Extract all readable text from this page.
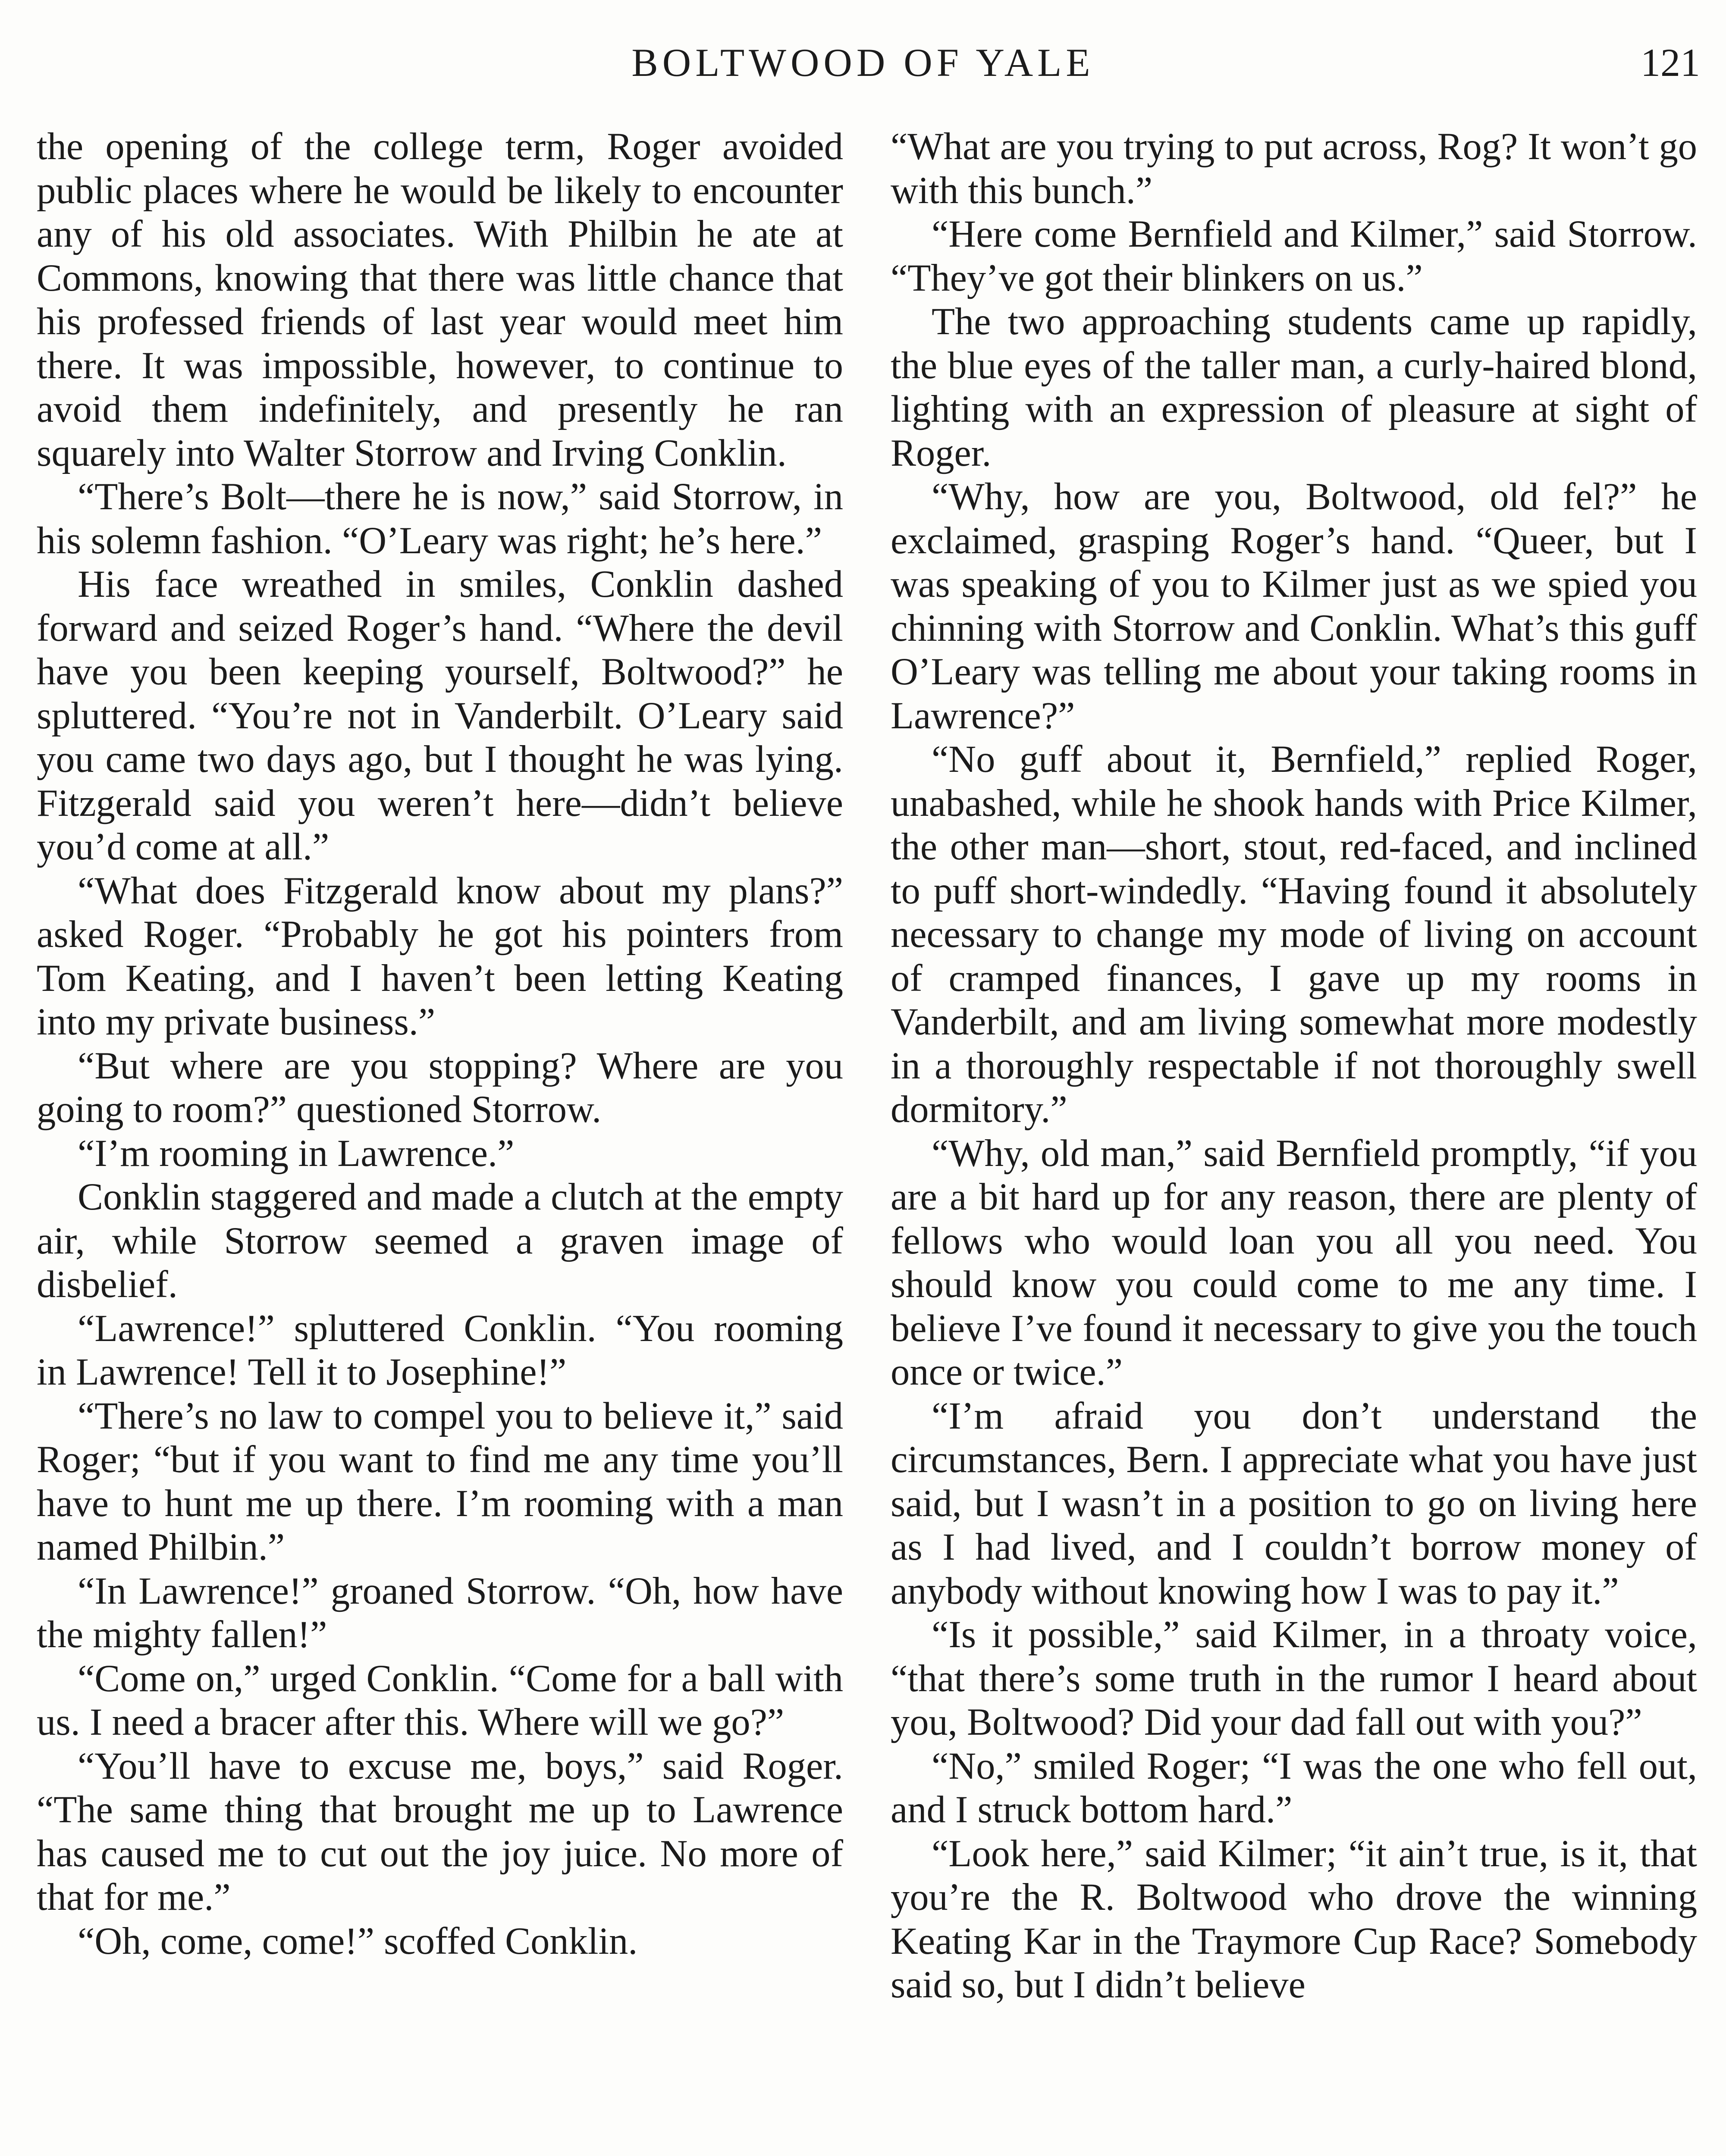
BOLTWOOD OF YALE	121

the opening of the college term, Roger avoided public places where he would be likely to encounter any of his old associates. With Philbin he ate at Commons, knowing that there was little chance that his professed friends of last year would meet him there. It was impossible, however, to continue to avoid them indefinitely, and presently he ran squarely into Walter Storrow and Irving Conklin.

“There’s Bolt—there he is now,” said Storrow, in his solemn fashion. “O’Leary was right; he’s here.”

His face wreathed in smiles, Conklin dashed forward and seized Roger’s hand. “Where the devil have you been keeping yourself, Boltwood?” he spluttered. “You’re not in Vanderbilt. O’Leary said you came two days ago, but I thought he was lying. Fitzgerald said you weren’t here—didn’t believe you’d come at all.”

“What does Fitzgerald know about my plans?” asked Roger. “Probably he got his pointers from Tom Keating, and I haven’t been letting Keating into my private business.”

“But where are you stopping? Where are you going to room?” questioned Storrow.

“I’m rooming in Lawrence.”

Conklin staggered and made a clutch at the empty air, while Storrow seemed a graven image of disbelief.

“Lawrence!” spluttered Conklin. “You rooming in Lawrence! Tell it to Josephine!”

“There’s no law to compel you to believe it,” said Roger; “but if you want to find me any time you’ll have to hunt me up there. I’m rooming with a man named Philbin.”

“In Lawrence!” groaned Storrow. “Oh, how have the mighty fallen!”

“Come on,” urged Conklin. “Come for a ball with us. I need a bracer after this. Where will we go?”

“You’ll have to excuse me, boys,” said Roger. “The same thing that brought me up to Lawrence has caused me to cut out the joy juice. No more of that for me.”

“Oh, come, come!” scoffed Conklin.

“What are you trying to put across, Rog? It won’t go with this bunch.”

“Here come Bernfield and Kilmer,” said Storrow. “They’ve got their blinkers on us.”

The two approaching students came up rapidly, the blue eyes of the taller man, a curly-haired blond, lighting with an expression of pleasure at sight of Roger.

“Why, how are you, Boltwood, old fel?” he exclaimed, grasping Roger’s hand. “Queer, but I was speaking of you to Kilmer just as we spied you chinning with Storrow and Conklin. What’s this guff O’Leary was telling me about your taking rooms in Lawrence?”

“No guff about it, Bernfield,” replied Roger, unabashed, while he shook hands with Price Kilmer, the other man—short, stout, red-faced, and inclined to puff short-windedly. “Having found it absolutely necessary to change my mode of living on account of cramped finances, I gave up my rooms in Vanderbilt, and am living somewhat more modestly in a thoroughly respectable if not thoroughly swell dormitory.”

“Why, old man,” said Bernfield promptly, “if you are a bit hard up for any reason, there are plenty of fellows who would loan you all you need. You should know you could come to me any time. I believe I’ve found it necessary to give you the touch once or twice.”

“I’m afraid you don’t understand the circumstances, Bern. I appreciate what you have just said, but I wasn’t in a position to go on living here as I had lived, and I couldn’t borrow money of anybody without knowing how I was to pay it.”

“Is it possible,” said Kilmer, in a throaty voice, “that there’s some truth in the rumor I heard about you, Boltwood? Did your dad fall out with you?”

“No,” smiled Roger; “I was the one who fell out, and I struck bottom hard.”

“Look here,” said Kilmer; “it ain’t true, is it, that you’re the R. Boltwood who drove the winning Keating Kar in the Traymore Cup Race? Somebody said so, but I didn’t believe
